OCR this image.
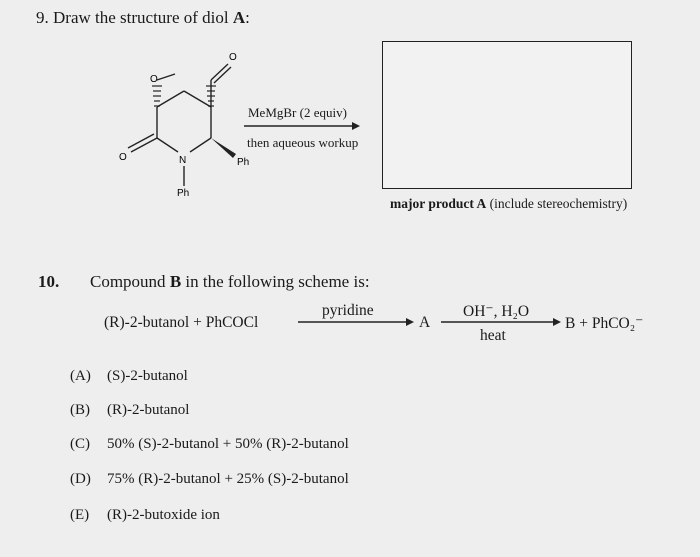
9. Draw the structure of diol A:
O
O
O	N
Ph
Ph
MeMgBr (2 equiv)
then aqueous workup
major product A (include stereochemistry)
10. Compound B in the following scheme is:
(R)-2-butanol + PhCOCl
pyridine
A
OH⁻, H₂O
heat
B + PhCO₂⁻
(A) (S)-2-butanol
(B) (R)-2-butanol
(C) 50% (S)-2-butanol + 50% (R)-2-butanol
(D) 75% (R)-2-butanol + 25% (S)-2-butanol
(E) (R)-2-butoxide ion
